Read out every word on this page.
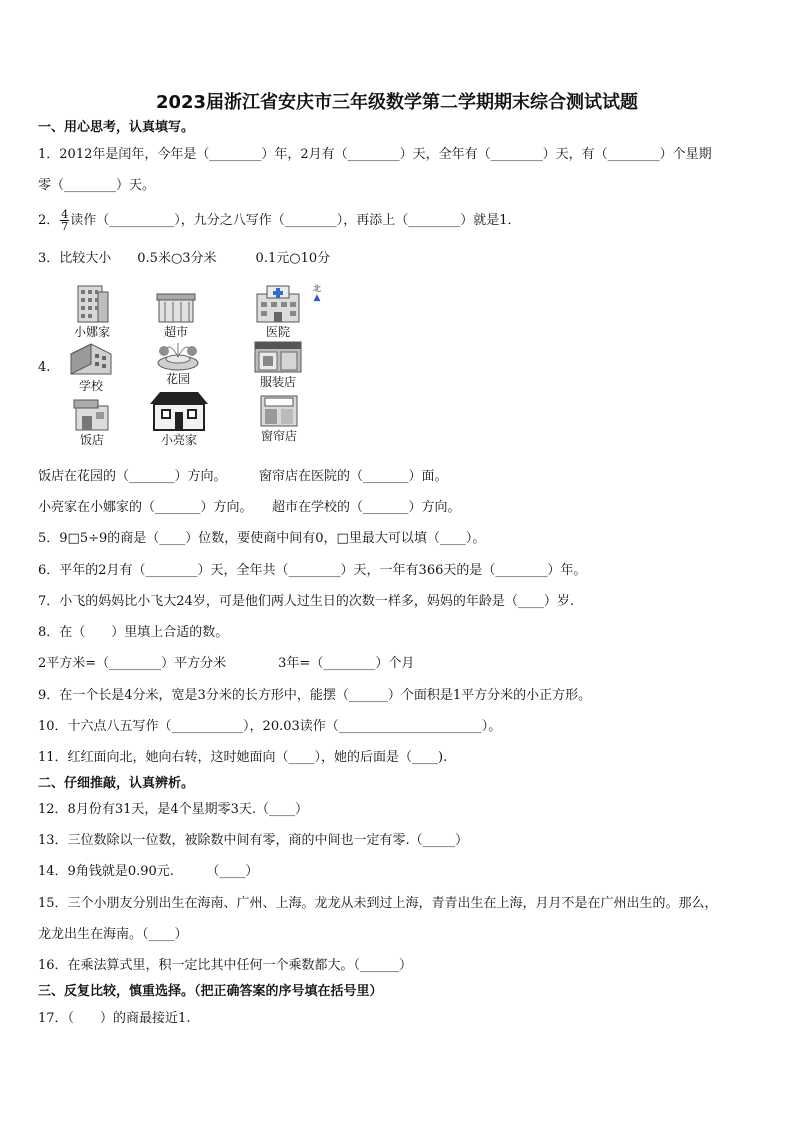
2023届浙江省安庆市三年级数学第二学期期末综合测试试题
一、用心思考，认真填写。
1．2012年是闰年，今年是（________）年，2月有（________）天，全年有（________）天，有（________）个星期
零（________）天。
2． $\frac{4}{7}$ 读作（__________），九分之八写作（________），再添上（________）就是1．
3．比较大小　　0.5米○3分米　　　0.1元○10分
4.
北
▲
小娜家	超市	医院
学校	花园	服装店
饭店	小亮家	窗帘店
饭店在花园的（_______）方向。　　　窗帘店在医院的（_______）面。
小亮家在小娜家的（_______）方向。　　超市在学校的（_______）方向。
5．9□5÷9的商是（____）位数，要使商中间有0，□里最大可以填（____）。
6．平年的2月有（________）天，全年共（________）天，一年有366天的是（________）年。
7．小飞的妈妈比小飞大24岁，可是他们两人过生日的次数一样多，妈妈的年龄是（____）岁.
8．在（　　）里填上合适的数。
2平方米=（________）平方分米　　　　3年=（________）个月
9．在一个长是4分米，宽是3分米的长方形中，能摆（______）个面积是1平方分米的小正方形。
10．十六点八五写作（___________），20.03读作（______________________）。
11．红红面向北，她向右转，这时她面向（____），她的后面是（____).
二、仔细推敲，认真辨析。
12．8月份有31天，是4个星期零3天.（____）
13．三位数除以一位数，被除数中间有零，商的中间也一定有零.（_____）
14．9角钱就是0.90元.　　　（____）
15．三个小朋友分别出生在海南、广州、上海。龙龙从未到过上海，青青出生在上海，月月不是在广州出生的。那么，
龙龙出生在海南。（____）
16．在乘法算式里，积一定比其中任何一个乘数都大。（______）
三、反复比较，慎重选择。（把正确答案的序号填在括号里）
17．（　　）的商最接近1.
